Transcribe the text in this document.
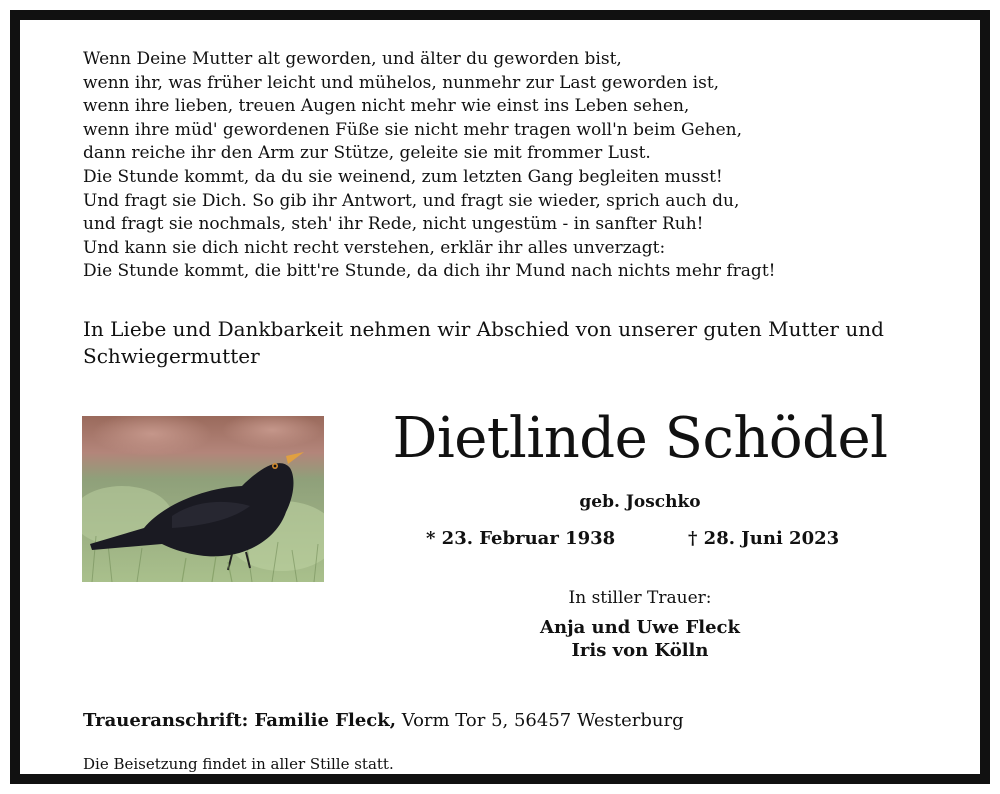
Wenn Deine Mutter alt geworden, und älter du geworden bist,
wenn ihr, was früher leicht und mühelos, nunmehr zur Last geworden ist,
wenn ihre lieben, treuen Augen nicht mehr wie einst ins Leben sehen,
wenn ihre müd' gewordenen Füße sie nicht mehr tragen woll'n beim Gehen,
dann reiche ihr den Arm zur Stütze, geleite sie mit frommer Lust.
Die Stunde kommt, da du sie weinend, zum letzten Gang begleiten musst!
Und fragt sie Dich. So gib ihr Antwort, und fragt sie wieder, sprich auch du,
und fragt sie nochmals, steh' ihr Rede, nicht ungestüm - in sanfter Ruh!
Und kann sie dich nicht recht verstehen, erklär ihr alles unverzagt:
Die Stunde kommt, die bitt're Stunde, da dich ihr Mund nach nichts mehr fragt!

In Liebe und Dankbarkeit nehmen wir Abschied von unserer guten Mutter und Schwiegermutter

Dietlinde Schödel
geb. Joschko
* 23. Februar 1938	† 28. Juni 2023
In stiller Trauer:
Anja und Uwe Fleck
Iris von Kölln
Traueranschrift: Familie Fleck, Vorm Tor 5, 56457 Westerburg
Die Beisetzung findet in aller Stille statt.
